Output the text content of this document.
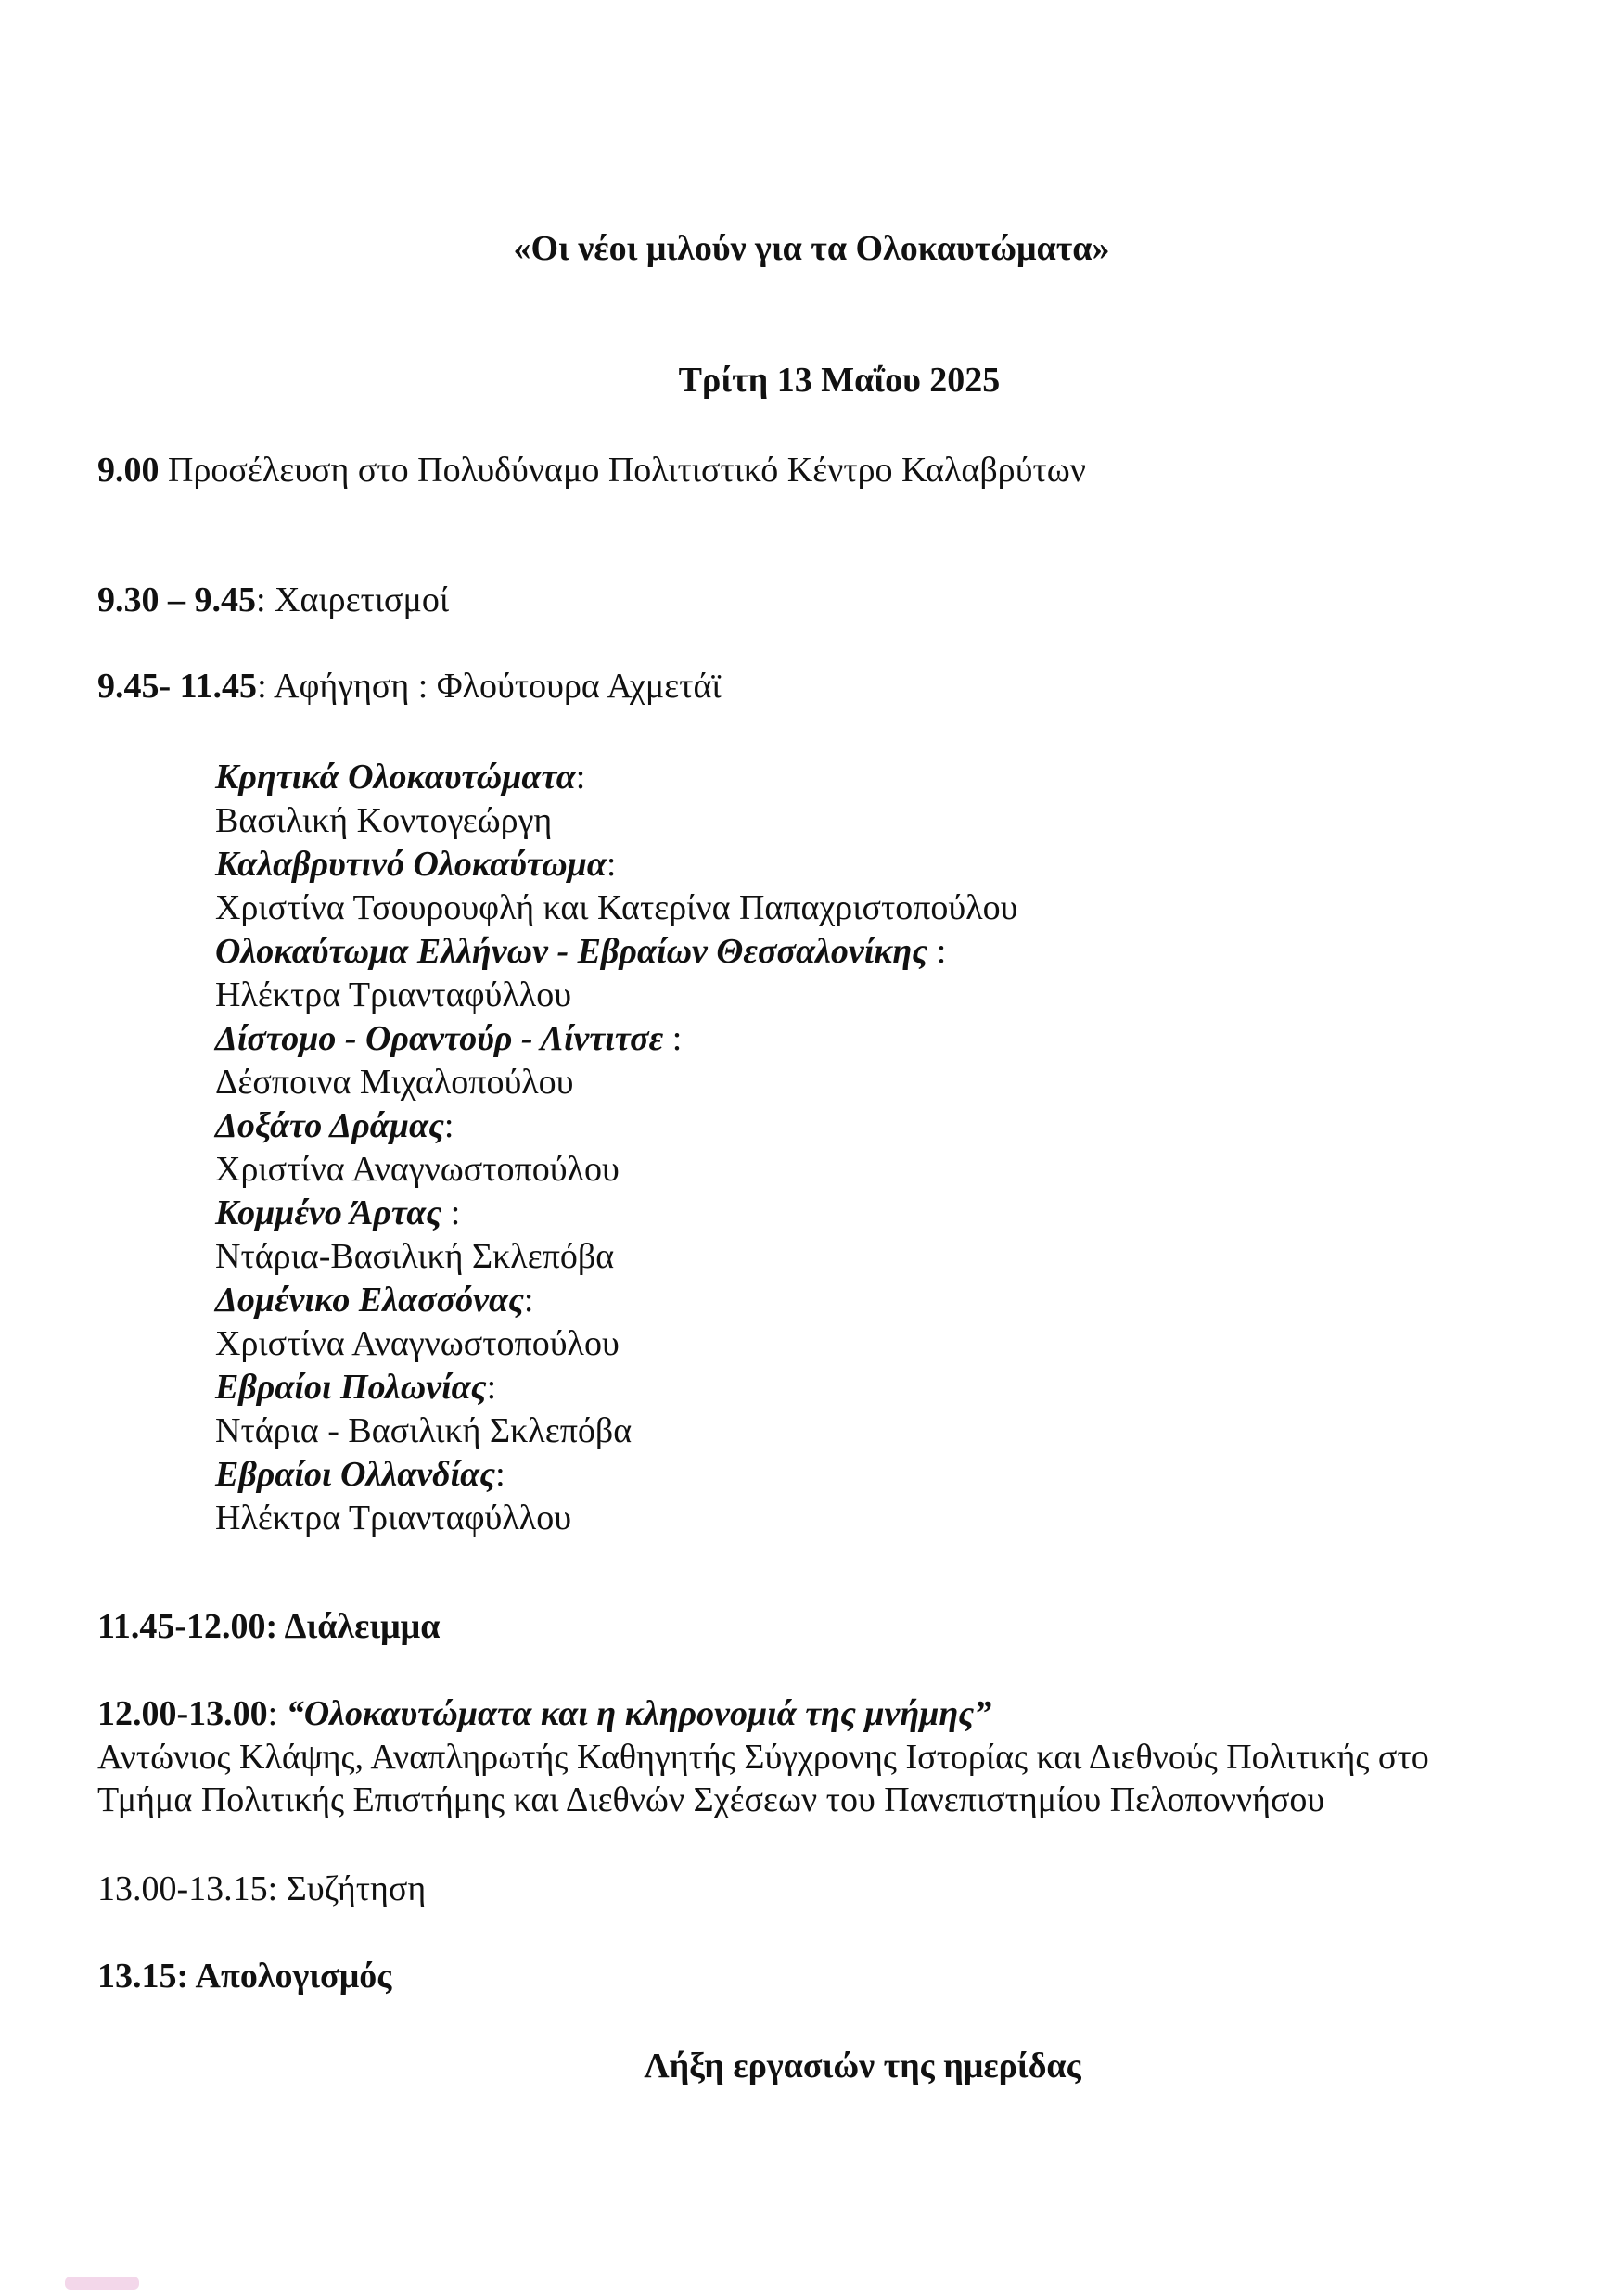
«Οι νέοι μιλούν για τα Ολοκαυτώματα»
Τρίτη 13 Μαΐου 2025
9.00 Προσέλευση στο Πολυδύναμο Πολιτιστικό Κέντρο Καλαβρύτων
9.30 – 9.45: Χαιρετισμοί
9.45- 11.45: Αφήγηση : Φλούτουρα Αχμετάϊ
Κρητικά Ολοκαυτώματα:
Βασιλική Κοντογεώργη
Καλαβρυτινό Ολοκαύτωμα:
Χριστίνα Τσουρουφλή και Κατερίνα Παπαχριστοπούλου
Ολοκαύτωμα Ελλήνων - Εβραίων Θεσσαλονίκης :
Ηλέκτρα Τριανταφύλλου
Δίστομο - Οραντούρ - Λίντιτσε :
Δέσποινα Μιχαλοπούλου
Δοξάτο Δράμας:
Χριστίνα Αναγνωστοπούλου
Κομμένο Άρτας :
Ντάρια-Βασιλική Σκλεπόβα
Δομένικο Ελασσόνας:
Χριστίνα Αναγνωστοπούλου
Εβραίοι Πολωνίας:
Ντάρια - Βασιλική Σκλεπόβα
Εβραίοι Ολλανδίας:
Ηλέκτρα Τριανταφύλλου
11.45-12.00: Διάλειμμα
12.00-13.00: “Ολοκαυτώματα και η κληρονομιά της μνήμης”
Αντώνιος Κλάψης, Αναπληρωτής Καθηγητής Σύγχρονης Ιστορίας και Διεθνούς Πολιτικής στο
Τμήμα Πολιτικής Επιστήμης και Διεθνών Σχέσεων του Πανεπιστημίου Πελοποννήσου
13.00-13.15: Συζήτηση
13.15: Απολογισμός
Λήξη εργασιών της ημερίδας
